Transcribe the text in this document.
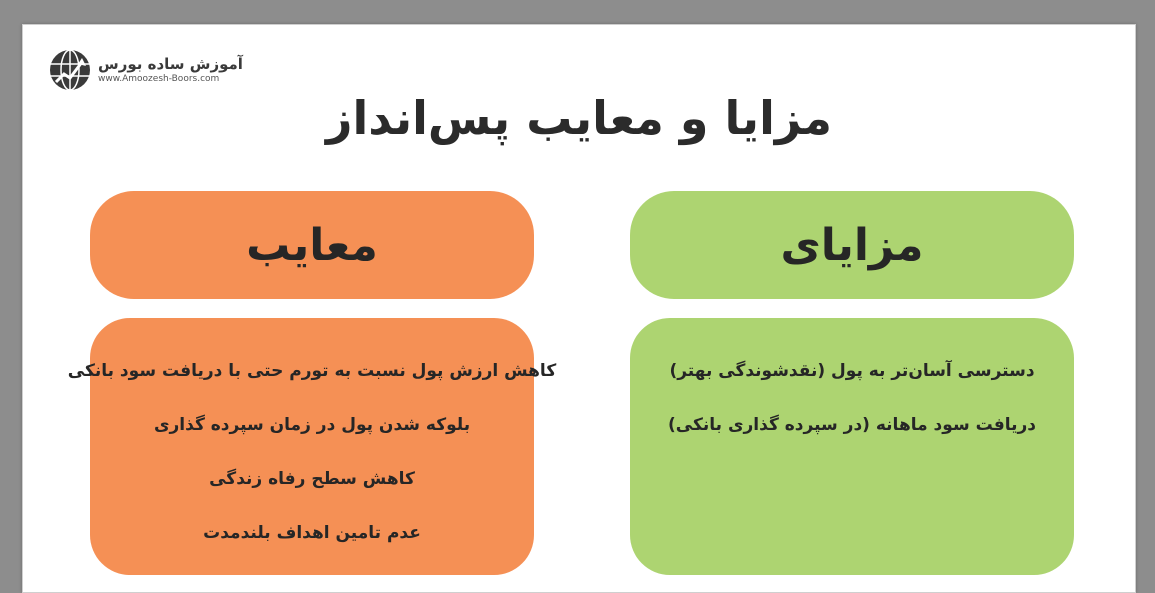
آموزش ساده بورس
www.Amoozesh-Boors.com
مزایا و معایب پس‌انداز
معایب	مزایای
کاهش ارزش پول نسبت به تورم حتی با دریافت سود بانکی
بلوکه شدن پول در زمان سپرده گذاری
کاهش سطح رفاه زندگی
عدم تامین اهداف بلندمدت
دسترسی آسان‌تر به پول (نقدشوندگی بهتر)
دریافت سود ماهانه (در سپرده گذاری بانکی)
